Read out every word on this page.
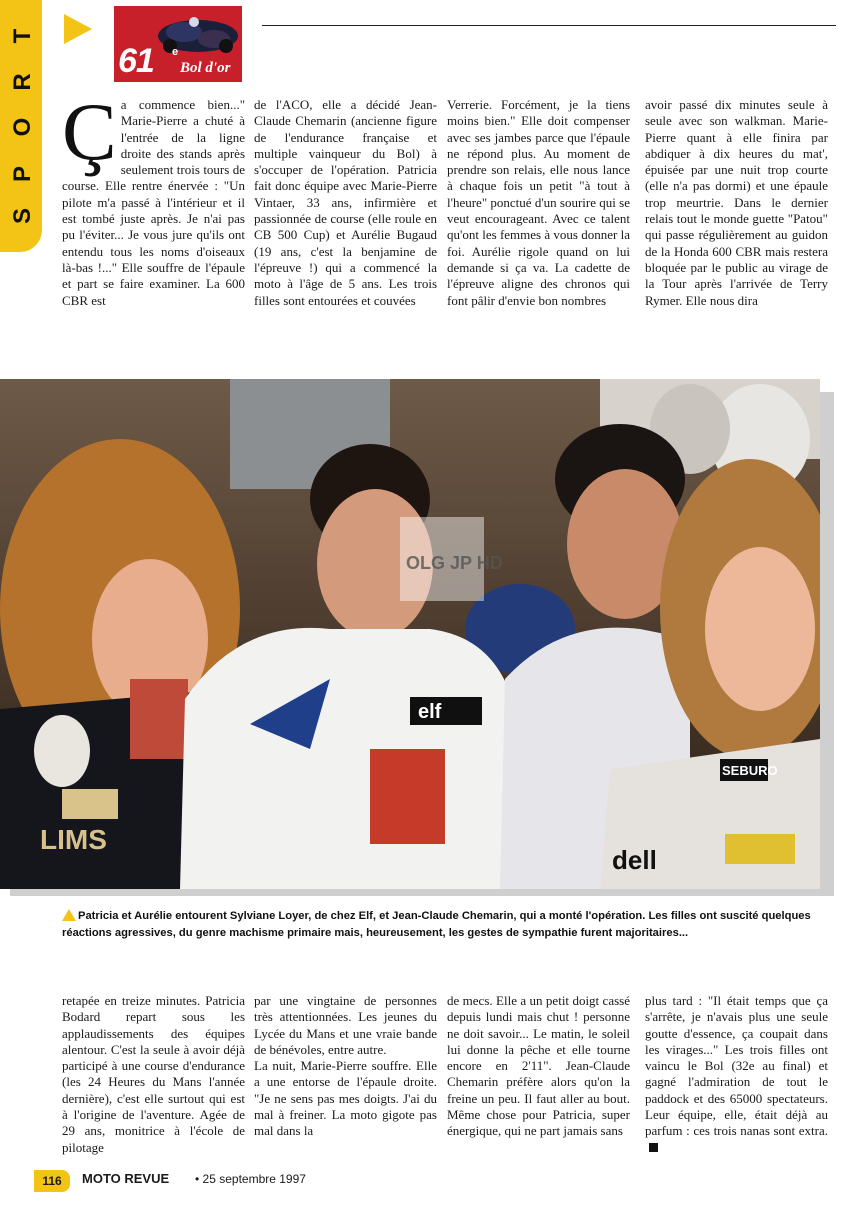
S
P
O
R
T
61 e
Bol d'or
Ça commence bien..." Marie-Pierre a chuté à l'entrée de la ligne droite des stands après seulement trois tours de course. Elle rentre énervée : "Un pilote m'a passé à l'intérieur et il est tombé juste après. Je n'ai pas pu l'éviter... Je vous jure qu'ils ont entendu tous les noms d'oiseaux là-bas !..." Elle souffre de l'épaule et part se faire examiner. La 600 CBR est
de l'ACO, elle a décidé Jean-Claude Chemarin (ancienne figure de l'endurance française et multiple vainqueur du Bol) à s'occuper de l'opération. Patricia fait donc équipe avec Marie-Pierre Vintaer, 33 ans, infirmière et passionnée de course (elle roule en CB 500 Cup) et Aurélie Bugaud (19 ans, c'est la benjamine de l'épreuve !) qui a commencé la moto à l'âge de 5 ans. Les trois filles sont entourées et couvées
Verrerie. Forcément, je la tiens moins bien." Elle doit compenser avec ses jambes parce que l'épaule ne répond plus. Au moment de prendre son relais, elle nous lance à chaque fois un petit "à tout à l'heure" ponctué d'un sourire qui se veut encourageant. Avec ce talent qu'ont les femmes à vous donner la foi. Aurélie rigole quand on lui demande si ça va. La cadette de l'épreuve aligne des chronos qui font pâlir d'envie bon nombres
avoir passé dix minutes seule à seule avec son walkman. Marie-Pierre quant à elle finira par abdiquer à dix heures du mat', épuisée par une nuit trop courte (elle n'a pas dormi) et une épaule trop meurtrie. Dans le dernier relais tout le monde guette "Patou" qui passe régulièrement au guidon de la Honda 600 CBR mais restera bloquée par le public au virage de la Tour après l'arrivée de Terry Rymer. Elle nous dira
LIMS
elf
SEBURO
dell
OLG JP HD
Patricia et Aurélie entourent Sylviane Loyer, de chez Elf, et Jean-Claude Chemarin, qui a monté l'opération. Les filles ont suscité quelques réactions agressives, du genre machisme primaire mais, heureusement, les gestes de sympathie furent majoritaires...
retapée en treize minutes. Patricia Bodard repart sous les applaudissements des équipes alentour. C'est la seule à avoir déjà participé à une course d'endurance (les 24 Heures du Mans l'année dernière), c'est elle surtout qui est à l'origine de l'aventure. Agée de 29 ans, monitrice à l'école de pilotage
par une vingtaine de personnes très attentionnées. Les jeunes du Lycée du Mans et une vraie bande de bénévoles, entre autre.
La nuit, Marie-Pierre souffre. Elle a une entorse de l'épaule droite. "Je ne sens pas mes doigts. J'ai du mal à freiner. La moto gigote pas mal dans la
de mecs. Elle a un petit doigt cassé depuis lundi mais chut ! personne ne doit savoir... Le matin, le soleil lui donne la pêche et elle tourne encore en 2'11". Jean-Claude Chemarin préfère alors qu'on la freine un peu. Il faut aller au bout. Même chose pour Patricia, super énergique, qui ne part jamais sans
plus tard : "Il était temps que ça s'arrête, je n'avais plus une seule goutte d'essence, ça coupait dans les virages..." Les trois filles ont vaincu le Bol (32e au final) et gagné l'admiration de tout le paddock et des 65000 spectateurs. Leur équipe, elle, était déjà au parfum : ces trois nanas sont extra.
116	MOTO REVUE • 25 septembre 1997
